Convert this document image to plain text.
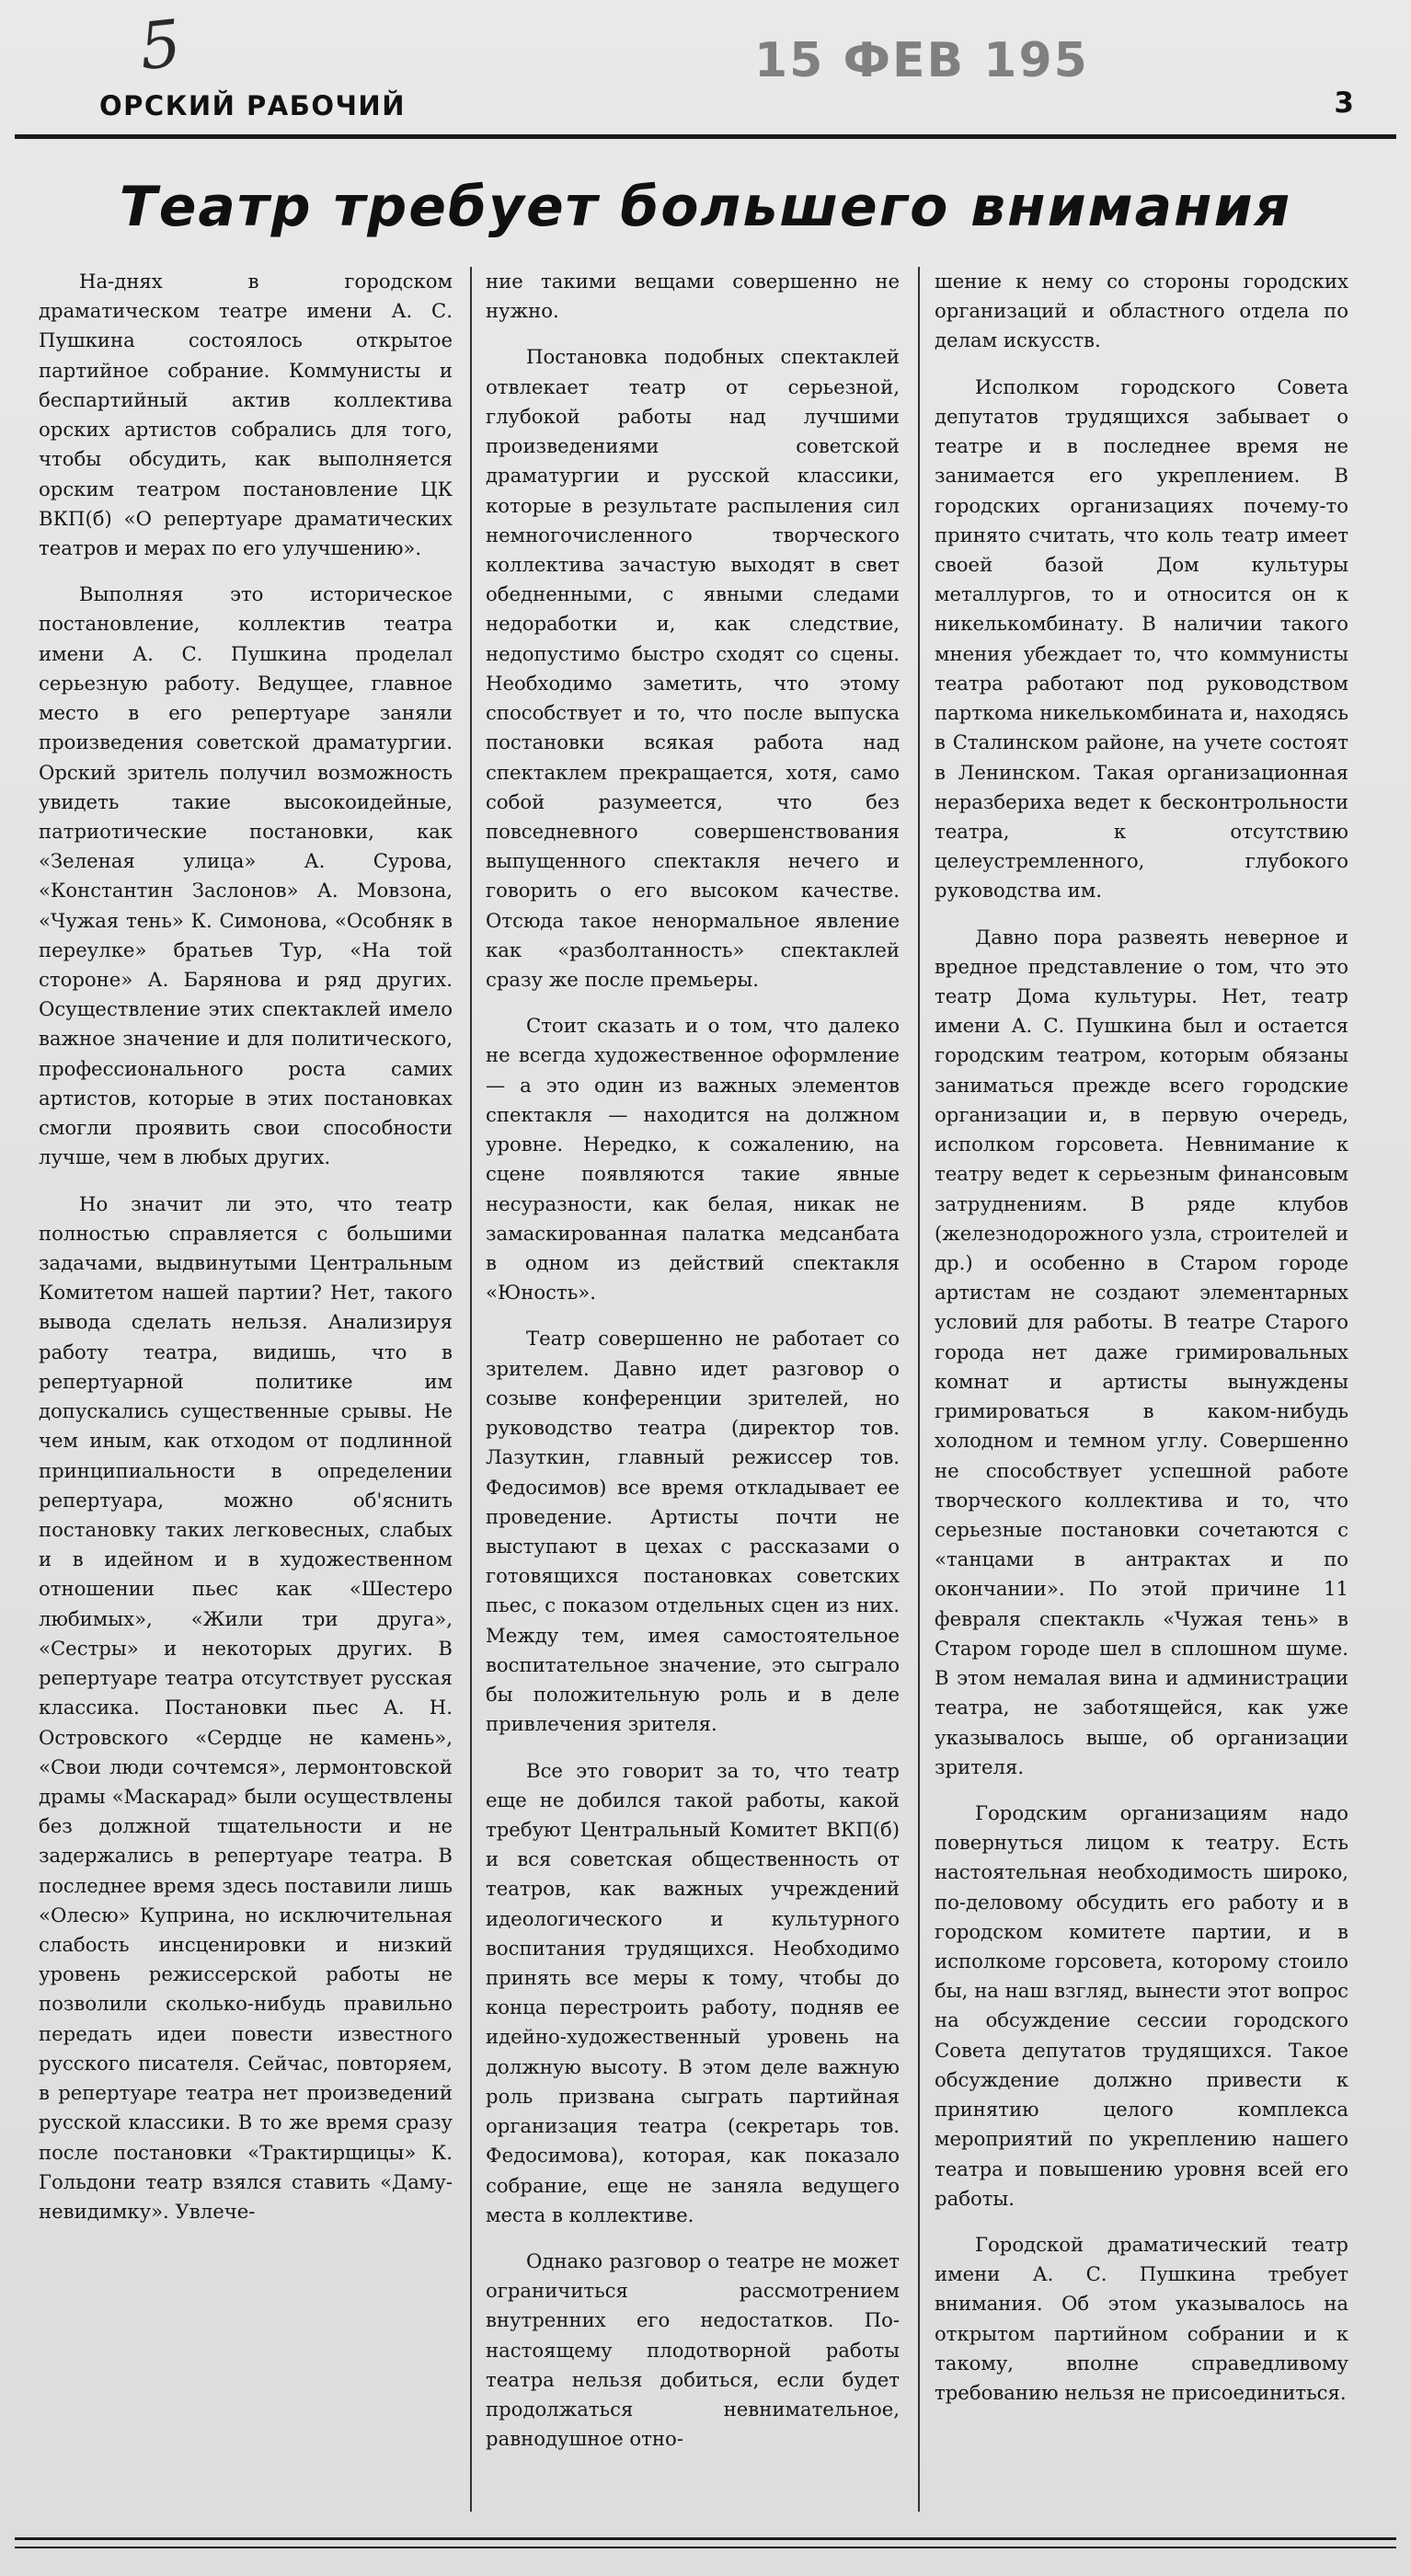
5	15 ФЕВ 195
ОРСКИЙ РАБОЧИЙ	3
Театр требует большего внимания

На-днях в городском драматическом театре имени А. С. Пушкина состоялось открытое партийное собрание. Коммунисты и беспартийный актив коллектива орских артистов собрались для того, чтобы обсудить, как выполняется орским театром постановление ЦК ВКП(б) «О репертуаре драматических театров и мерах по его улучшению».

Выполняя это историческое постановление, коллектив театра имени А. С. Пушкина проделал серьезную работу. Ведущее, главное место в его репертуаре заняли произведения советской драматургии. Орский зритель получил возможность увидеть такие высокоидейные, патриотические постановки, как «Зеленая улица» А. Сурова, «Константин Заслонов» А. Мовзона, «Чужая тень» К. Симонова, «Особняк в переулке» братьев Тур, «На той стороне» А. Барянова и ряд других. Осуществление этих спектаклей имело важное значение и для политического, профессионального роста самих артистов, которые в этих постановках смогли проявить свои способности лучше, чем в любых других.

Но значит ли это, что театр полностью справляется с большими задачами, выдвинутыми Центральным Комитетом нашей партии? Нет, такого вывода сделать нельзя. Анализируя работу театра, видишь, что в репертуарной политике им допускались существенные срывы. Не чем иным, как отходом от подлинной принципиальности в определении репертуара, можно об'яснить постановку таких легковесных, слабых и в идейном и в художественном отношении пьес как «Шестеро любимых», «Жили три друга», «Сестры» и некоторых других. В репертуаре театра отсутствует русская классика. Постановки пьес А. Н. Островского «Сердце не камень», «Свои люди сочтемся», лермонтовской драмы «Маскарад» были осуществлены без должной тщательности и не задержались в репертуаре театра. В последнее время здесь поставили лишь «Олесю» Куприна, но исключительная слабость инсценировки и низкий уровень режиссерской работы не позволили сколько-нибудь правильно передать идеи повести известного русского писателя. Сейчас, повторяем, в репертуаре театра нет произведений русской классики. В то же время сразу после постановки «Трактирщицы» К. Гольдони театр взялся ставить «Даму-невидимку». Увлече-

ние такими вещами совершенно не нужно.

Постановка подобных спектаклей отвлекает театр от серьезной, глубокой работы над лучшими произведениями советской драматургии и русской классики, которые в результате распыления сил немногочисленного творческого коллектива зачастую выходят в свет обедненными, с явными следами недоработки и, как следствие, недопустимо быстро сходят со сцены. Необходимо заметить, что этому способствует и то, что после выпуска постановки всякая работа над спектаклем прекращается, хотя, само собой разумеется, что без повседневного совершенствования выпущенного спектакля нечего и говорить о его высоком качестве. Отсюда такое ненормальное явление как «разболтанность» спектаклей сразу же после премьеры.

Стоит сказать и о том, что далеко не всегда художественное оформление — а это один из важных элементов спектакля — находится на должном уровне. Нередко, к сожалению, на сцене появляются такие явные несуразности, как белая, никак не замаскированная палатка медсанбата в одном из действий спектакля «Юность».

Театр совершенно не работает со зрителем. Давно идет разговор о созыве конференции зрителей, но руководство театра (директор тов. Лазуткин, главный режиссер тов. Федосимов) все время откладывает ее проведение. Артисты почти не выступают в цехах с рассказами о готовящихся постановках советских пьес, с показом отдельных сцен из них. Между тем, имея самостоятельное воспитательное значение, это сыграло бы положительную роль и в деле привлечения зрителя.

Все это говорит за то, что театр еще не добился такой работы, какой требуют Центральный Комитет ВКП(б) и вся советская общественность от театров, как важных учреждений идеологического и культурного воспитания трудящихся. Необходимо принять все меры к тому, чтобы до конца перестроить работу, подняв ее идейно-художественный уровень на должную высоту. В этом деле важную роль призвана сыграть партийная организация театра (секретарь тов. Федосимова), которая, как показало собрание, еще не заняла ведущего места в коллективе.

Однако разговор о театре не может ограничиться рассмотрением внутренних его недостатков. По-настоящему плодотворной работы театра нельзя добиться, если будет продолжаться невнимательное, равнодушное отно-

шение к нему со стороны городских организаций и областного отдела по делам искусств.

Исполком городского Совета депутатов трудящихся забывает о театре и в последнее время не занимается его укреплением. В городских организациях почему-то принято считать, что коль театр имеет своей базой Дом культуры металлургов, то и относится он к никелькомбинату. В наличии такого мнения убеждает то, что коммунисты театра работают под руководством парткома никелькомбината и, находясь в Сталинском районе, на учете состоят в Ленинском. Такая организационная неразбериха ведет к бесконтрольности театра, к отсутствию целеустремленного, глубокого руководства им.

Давно пора развеять неверное и вредное представление о том, что это театр Дома культуры. Нет, театр имени А. С. Пушкина был и остается городским театром, которым обязаны заниматься прежде всего городские организации и, в первую очередь, исполком горсовета. Невнимание к театру ведет к серьезным финансовым затруднениям. В ряде клубов (железнодорожного узла, строителей и др.) и особенно в Старом городе артистам не создают элементарных условий для работы. В театре Старого города нет даже гримировальных комнат и артисты вынуждены гримироваться в каком-нибудь холодном и темном углу. Совершенно не способствует успешной работе творческого коллектива и то, что серьезные постановки сочетаются с «танцами в антрактах и по окончании». По этой причине 11 февраля спектакль «Чужая тень» в Старом городе шел в сплошном шуме. В этом немалая вина и администрации театра, не заботящейся, как уже указывалось выше, об организации зрителя.

Городским организациям надо повернуться лицом к театру. Есть настоятельная необходимость широко, по-деловому обсудить его работу и в городском комитете партии, и в исполкоме горсовета, которому стоило бы, на наш взгляд, вынести этот вопрос на обсуждение сессии городского Совета депутатов трудящихся. Такое обсуждение должно привести к принятию целого комплекса мероприятий по укреплению нашего театра и повышению уровня всей его работы.

Городской драматический театр имени А. С. Пушкина требует внимания. Об этом указывалось на открытом партийном собрании и к такому, вполне справедливому требованию нельзя не присоединиться.
